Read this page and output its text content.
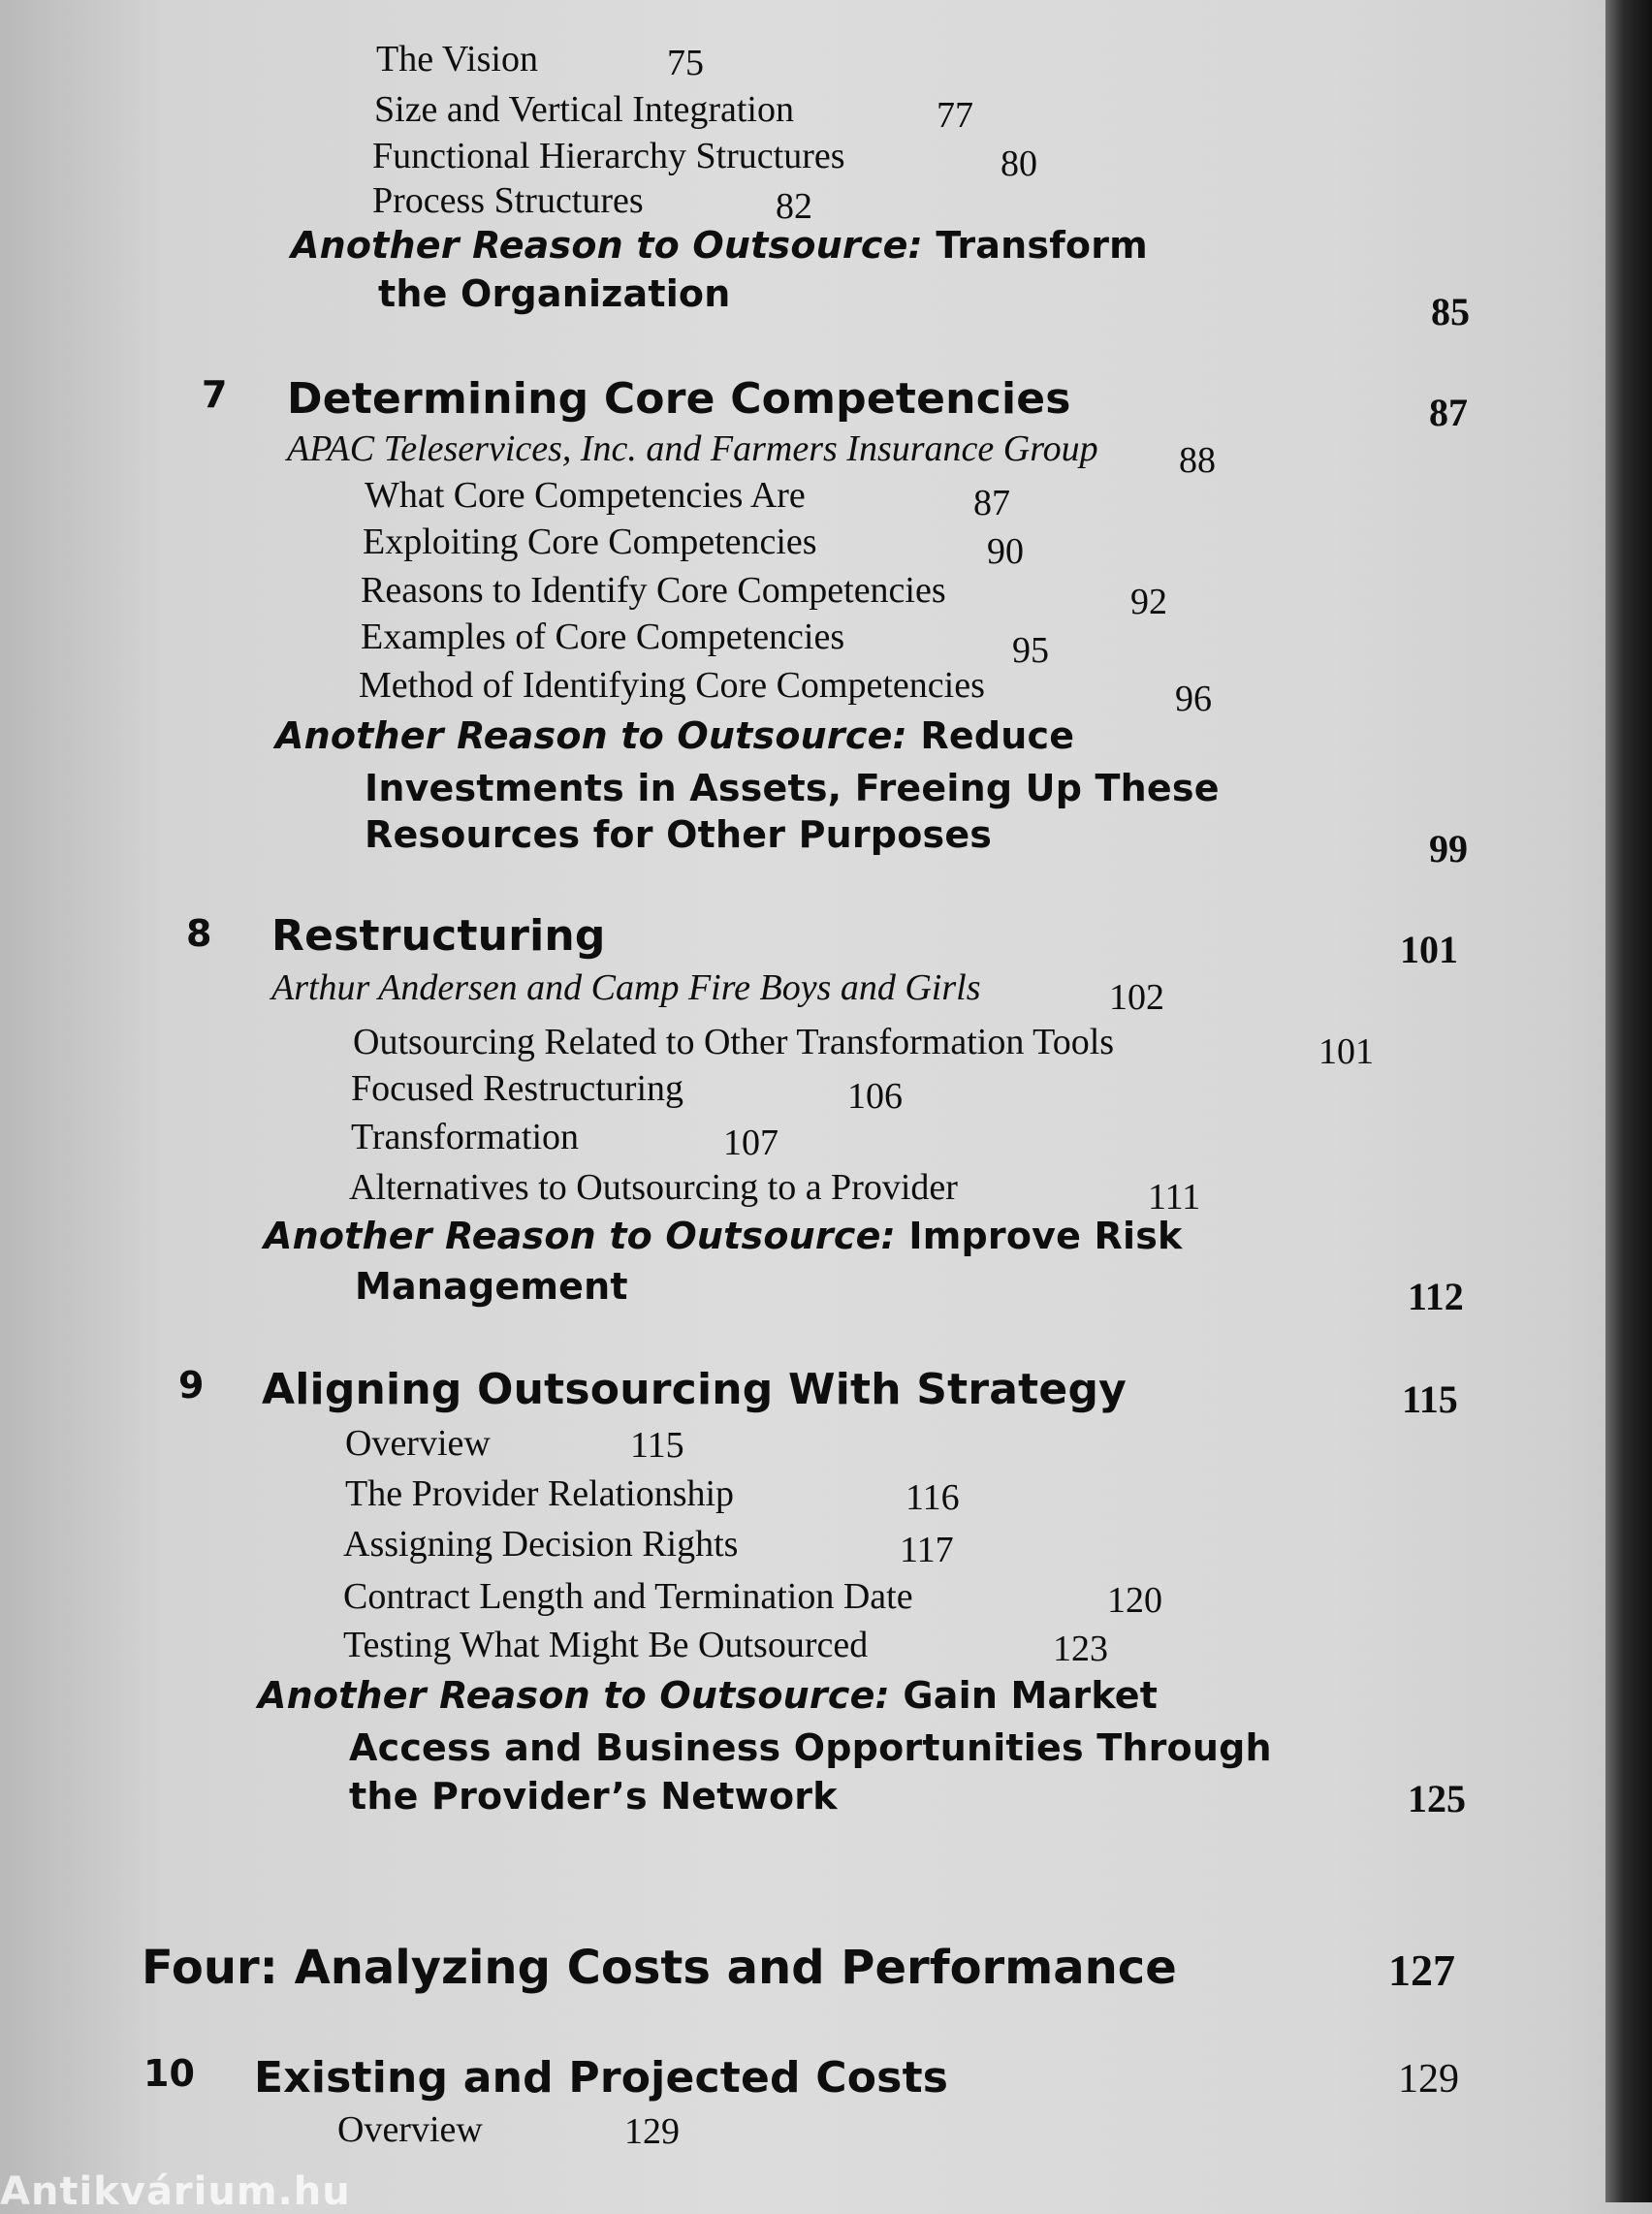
The Vision	75
Size and Vertical Integration	77
Functional Hierarchy Structures	80
Process Structures	82
Another Reason to Outsource: Transform
the Organization	85
7 Determining Core Competencies	87
APAC Teleservices, Inc. and Farmers Insurance Group 88
What Core Competencies Are	87
Exploiting Core Competencies	90
Reasons to Identify Core Competencies	92
Examples of Core Competencies	95
Method of Identifying Core Competencies	96
Another Reason to Outsource: Reduce
Investments in Assets, Freeing Up These
Resources for Other Purposes	99
8 Restructuring	101
Arthur Andersen and Camp Fire Boys and Girls	102
Outsourcing Related to Other Transformation Tools	101
Focused Restructuring	106
Transformation	107
Alternatives to Outsourcing to a Provider	111
Another Reason to Outsource: Improve Risk
Management	112
9 Aligning Outsourcing With Strategy	115
Overview	115
The Provider Relationship	116
Assigning Decision Rights	117
Contract Length and Termination Date	120
Testing What Might Be Outsourced	123
Another Reason to Outsource: Gain Market
Access and Business Opportunities Through
the Provider’s Network	125
Four: Analyzing Costs and Performance	127
10 Existing and Projected Costs	129
Overview	129
Antikvárium.hu
